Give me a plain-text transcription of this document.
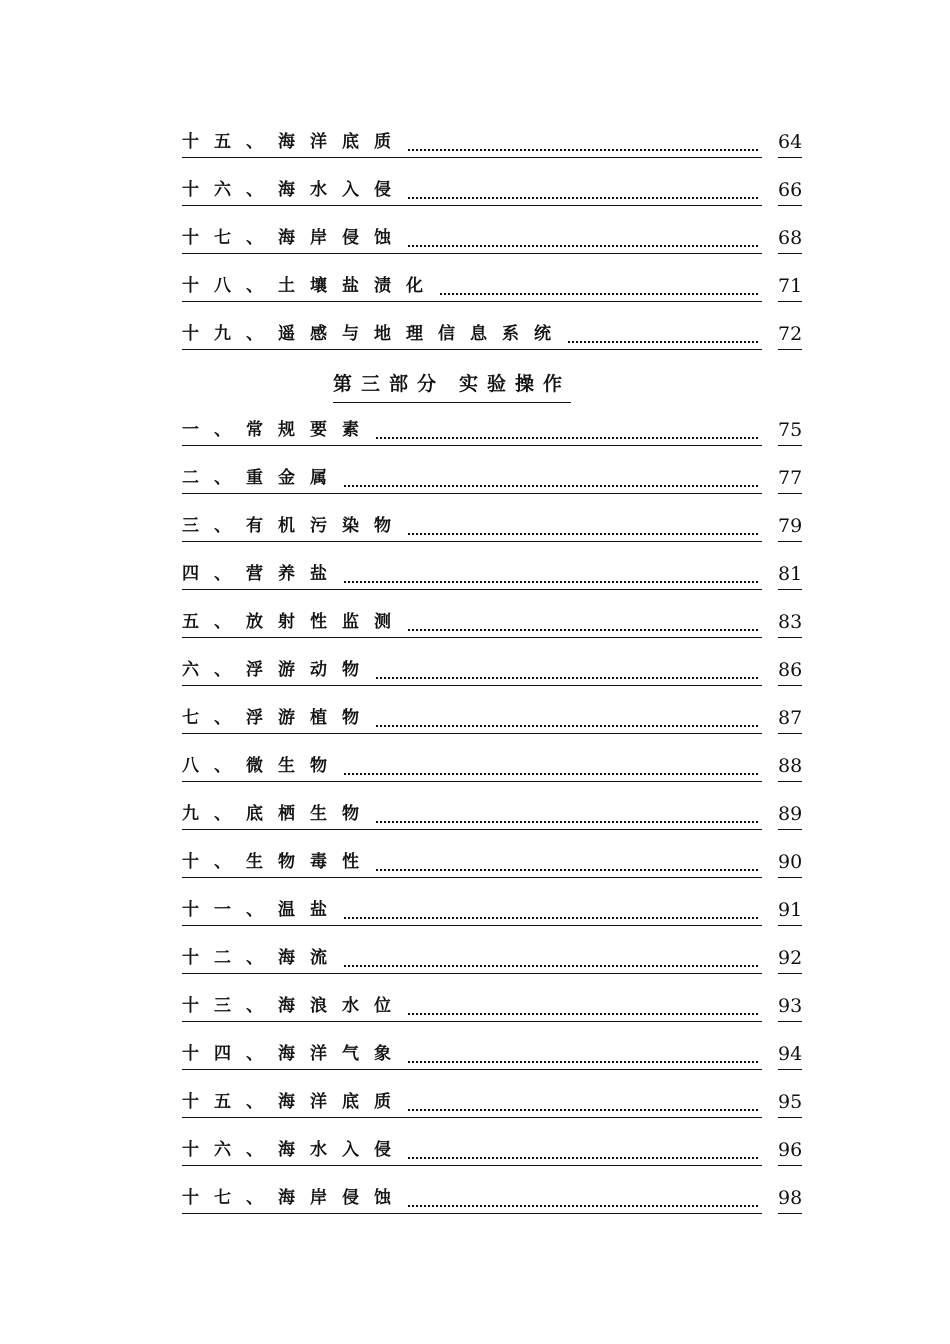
十五、海洋底质	64
十六、海水入侵	66
十七、海岸侵蚀	68
十八、土壤盐渍化	71
十九、遥感与地理信息系统	72
一、常规要素	75
二、重金属	77
三、有机污染物	79
四、营养盐	81
五、放射性监测	83
六、浮游动物	86
七、浮游植物	87
八、微生物	88
九、底栖生物	89
十、生物毒性	90
十一、温盐	91
十二、海流	92
十三、海浪水位	93
十四、海洋气象	94
十五、海洋底质	95
十六、海水入侵	96
十七、海岸侵蚀	98
第三部分 实验操作
